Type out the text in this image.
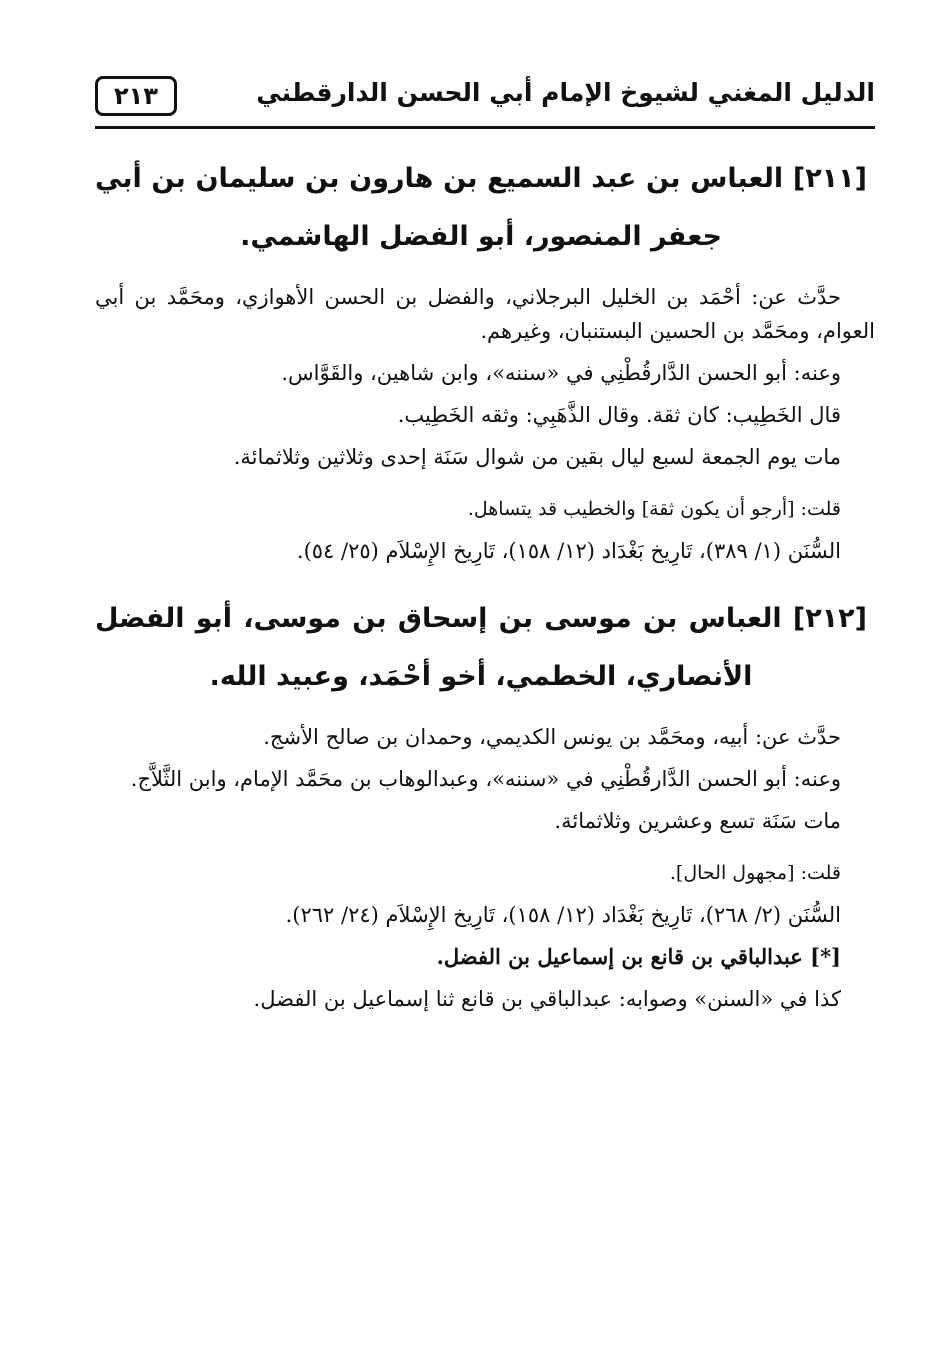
الدليل المغني لشيوخ الإمام أبي الحسن الدارقطني
٢١٣
[٢١١] العباس بن عبد السميع بن هارون بن سليمان بن أبي جعفر المنصور، أبو الفضل الهاشمي.

حدَّث عن: أحْمَد بن الخليل البرجلاني، والفضل بن الحسن الأهوازي، ومحَمَّد بن أبي العوام، ومحَمَّد بن الحسين البستنبان، وغيرهم.

وعنه: أبو الحسن الدَّارقُطْنِي في «سننه»، وابن شاهين، والقَوَّاس.

قال الخَطِيب: كان ثقة. وقال الذَّهَبِي: وثقه الخَطِيب.

مات يوم الجمعة لسبع ليال بقين من شوال سَنَة إحدى وثلاثين وثلاثمائة.

قلت: [أرجو أن يكون ثقة] والخطيب قد يتساهل.

السُّنَن (١/ ٣٨٩)، تَارِيخ بَغْدَاد (١٢/ ١٥٨)، تَارِيخ الإِسْلاَم (٢٥/ ٥٤).

[٢١٢] العباس بن موسى بن إسحاق بن موسى، أبو الفضل الأنصاري، الخطمي، أخو أحْمَد، وعبيد الله.

حدَّث عن: أبيه، ومحَمَّد بن يونس الكديمي، وحمدان بن صالح الأشج.

وعنه: أبو الحسن الدَّارقُطْنِي في «سننه»، وعبدالوهاب بن محَمَّد الإمام، وابن الثَّلاَّج.

مات سَنَة تسع وعشرين وثلاثمائة.

قلت: [مجهول الحال].

السُّنَن (٢/ ٢٦٨)، تَارِيخ بَغْدَاد (١٢/ ١٥٨)، تَارِيخ الإِسْلاَم (٢٤/ ٢٦٢).

[*] عبدالباقي بن قانع بن إسماعيل بن الفضل.

كذا في «السنن» وصوابه: عبدالباقي بن قانع ثنا إسماعيل بن الفضل.
